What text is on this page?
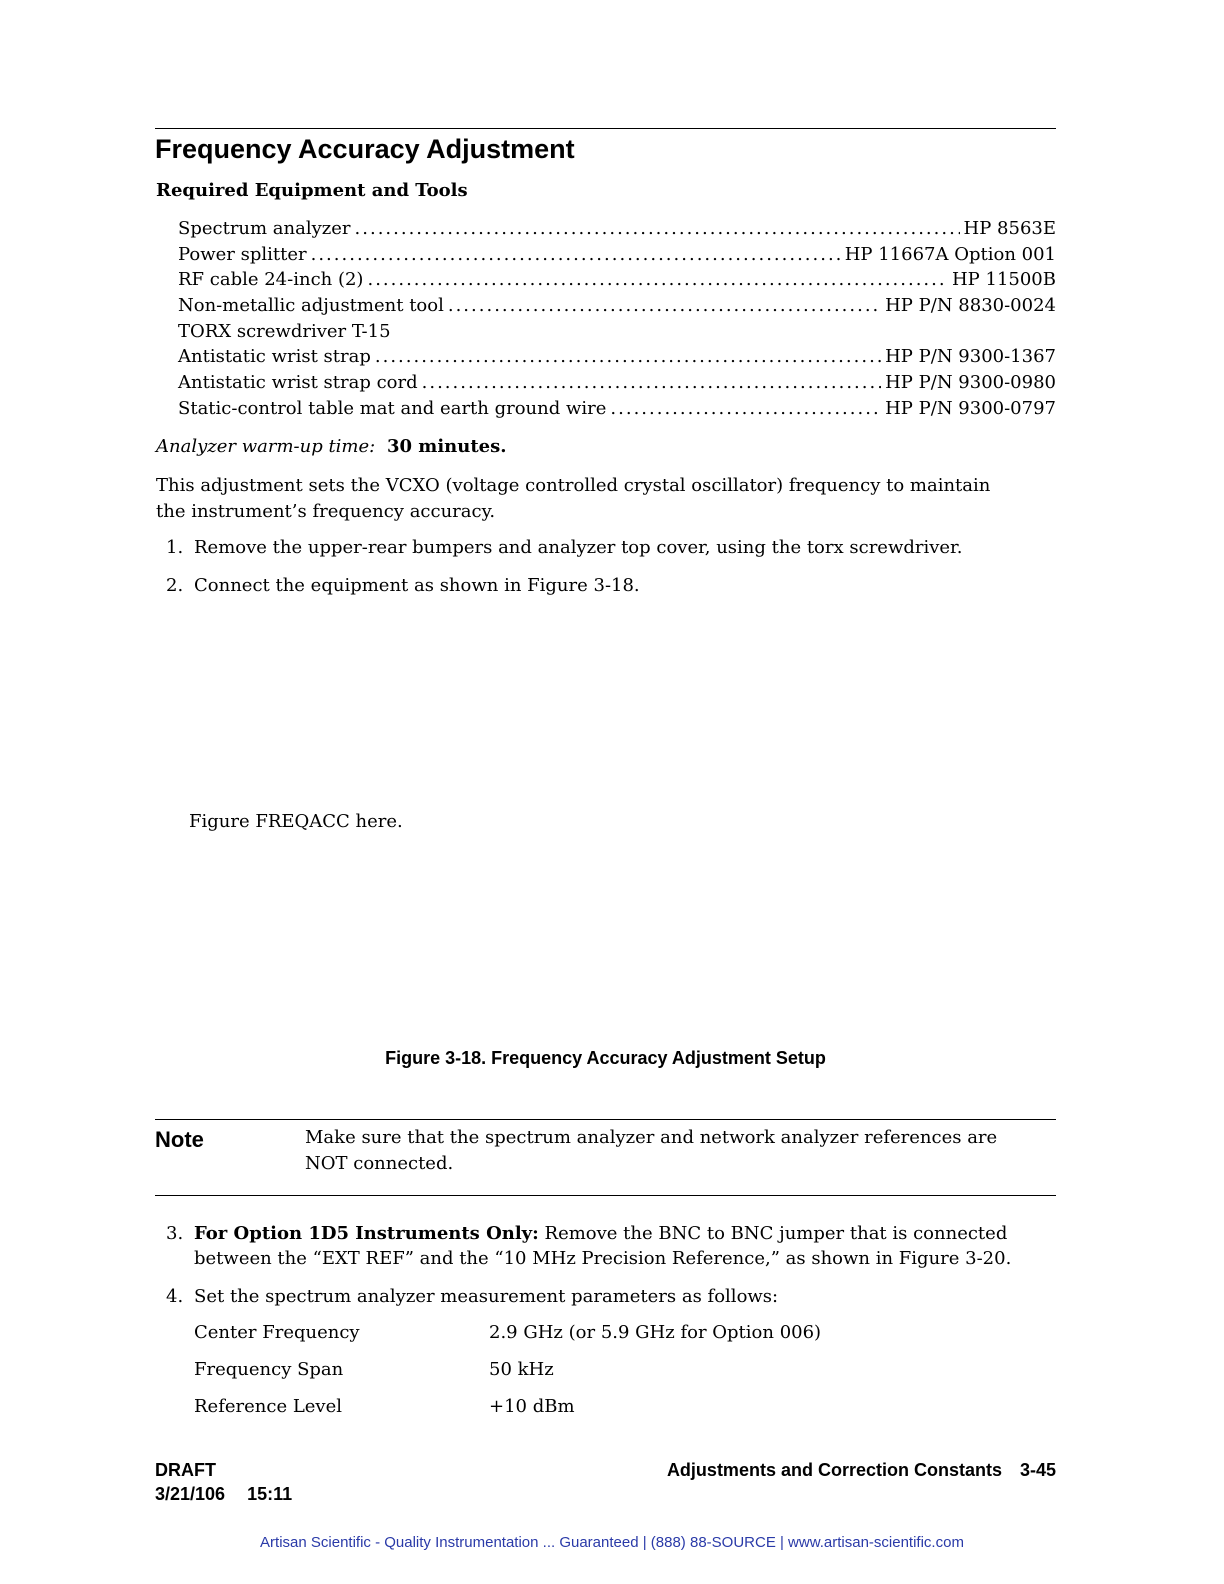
Frequency Accuracy Adjustment
Required Equipment and Tools
Spectrum analyzer .....	HP 8563E
Power splitter .....	HP 11667A Option 001
RF cable 24-inch (2) .....	HP 11500B
Non-metallic adjustment tool .....	HP P/N 8830-0024
TORX screwdriver T-15
Antistatic wrist strap .....	HP P/N 9300-1367
Antistatic wrist strap cord .....	HP P/N 9300-0980
Static-control table mat and earth ground wire .....	HP P/N 9300-0797
Analyzer warm-up time: 30 minutes.
This adjustment sets the VCXO (voltage controlled crystal oscillator) frequency to maintain
the instrument’s frequency accuracy.
1. Remove the upper-rear bumpers and analyzer top cover, using the torx screwdriver.
2. Connect the equipment as shown in Figure 3-18.
Figure FREQACC here.
Figure 3-18. Frequency Accuracy Adjustment Setup
Note	Make sure that the spectrum analyzer and network analyzer references are
NOT connected.
3. For Option 1D5 Instruments Only: Remove the BNC to BNC jumper that is connected
between the “EXT REF” and the “10 MHz Precision Reference,” as shown in Figure 3-20.
4. Set the spectrum analyzer measurement parameters as follows:
Center Frequency	2.9 GHz (or 5.9 GHz for Option 006)
Frequency Span	50 kHz
Reference Level	+10 dBm
DRAFT
3/21/106 15:11
Adjustments and Correction Constants 3-45
Artisan Scientific - Quality Instrumentation ... Guaranteed | (888) 88-SOURCE | www.artisan-scientific.com
